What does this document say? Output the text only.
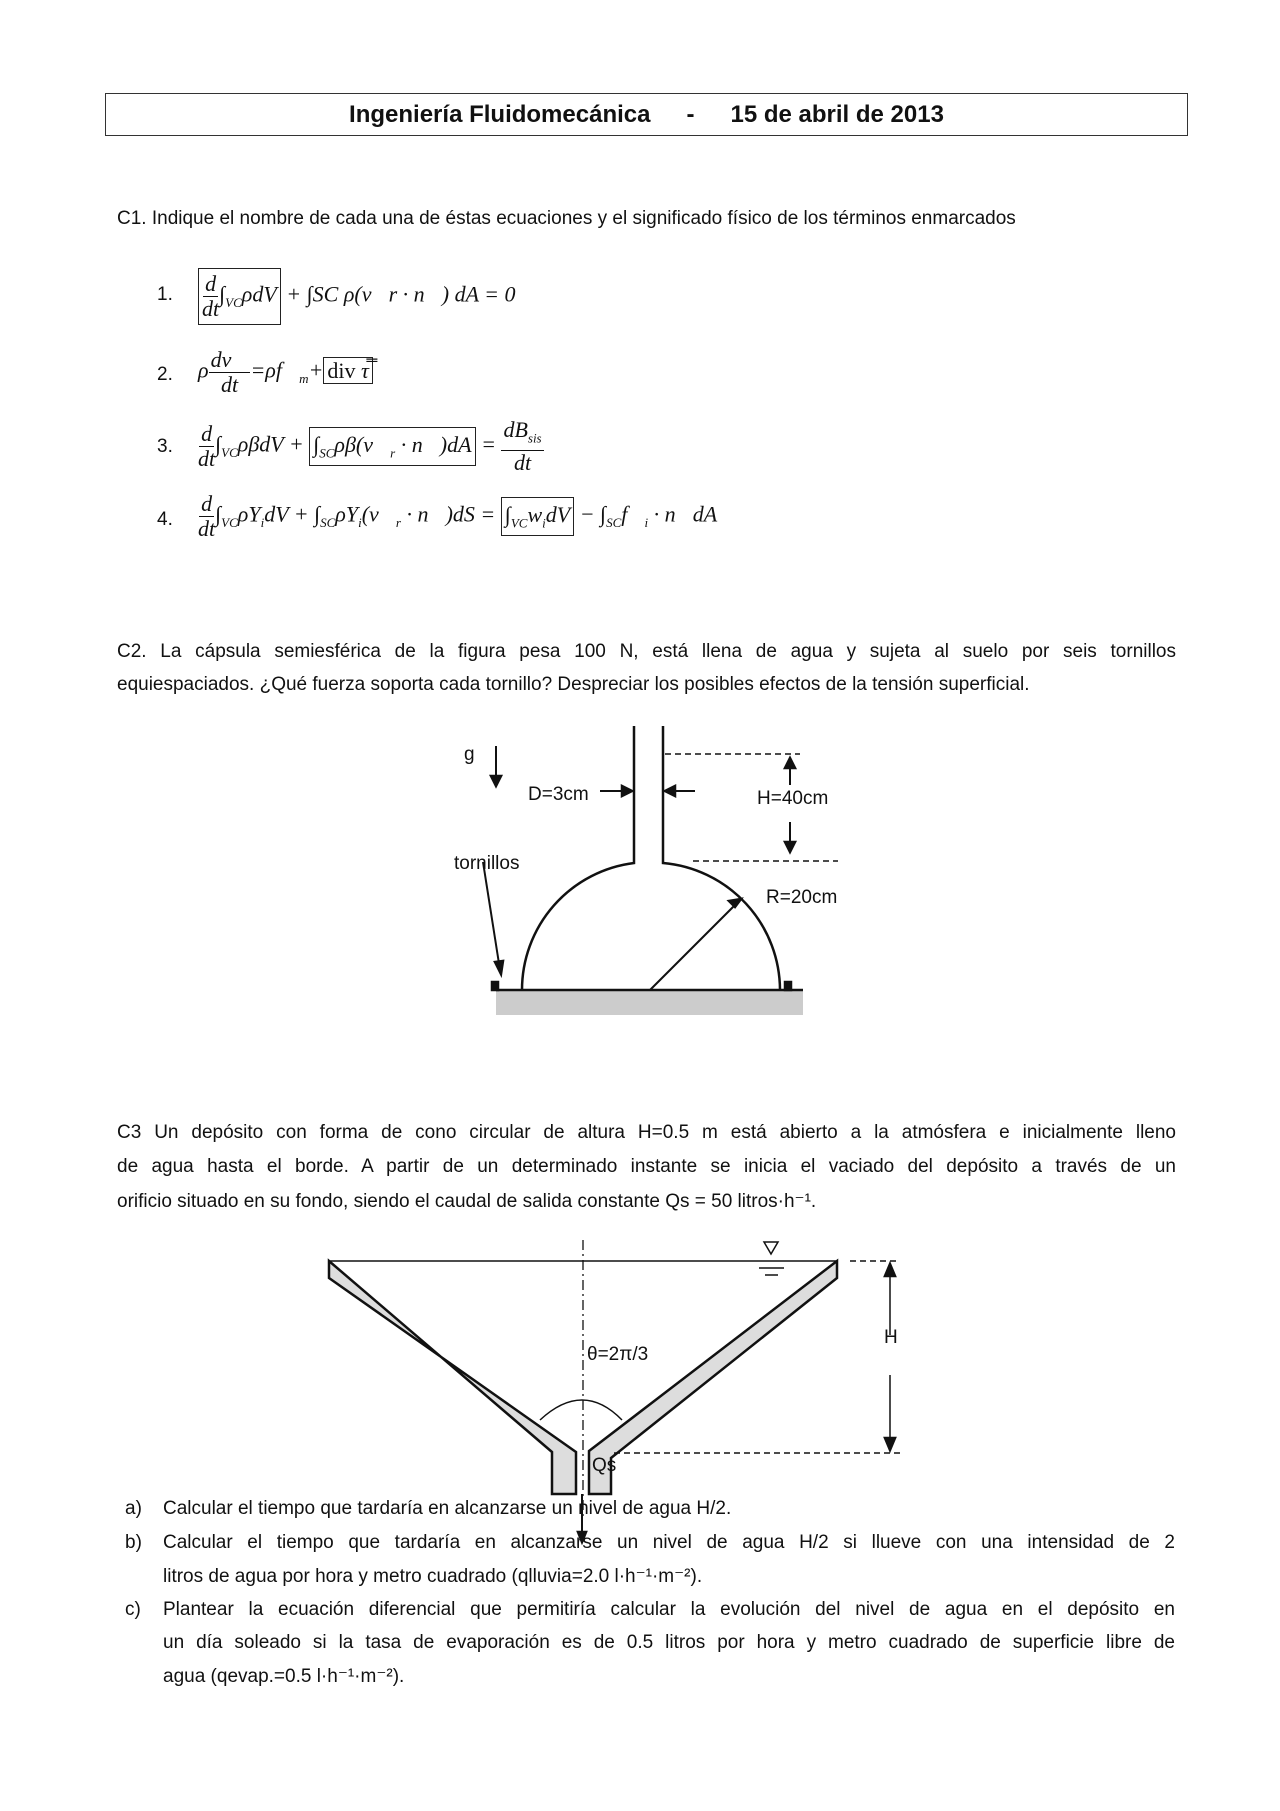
Ingeniería Fluidomecánica - 15 de abril de 2013
C1. Indique el nombre de cada una de éstas ecuaciones y el significado físico de los términos enmarcados
1. $\frac{d}{dt} \int_{VC}\rho dV + \int SC$ ρ(v⃗r · n⃗) dA = 0
2. ρ $\frac{dv⃗}{dt}$ $=\rho f⃗_m+$ div τ̿
3. $\frac{d}{dt} \int_{VC}\rho\beta dV$ + $\int_{SC}\rho\beta(v⃗_r$ · n⃗)dA = $\frac{dB_{sis}}{dt}$
4. $\frac{d}{dt} \int_{VC}\rho Y_idV$ + $\int_{SC}\rho Y_i(v⃗_r$ · n⃗)dS = $\int_{VC}w_idV$ − $\int_{SC}f⃗_i$ · n⃗dA
C2. La cápsula semiesférica de la figura pesa 100 N, está llena de agua y sujeta al suelo por seis tornillos
equiespaciados. ¿Qué fuerza soporta cada tornillo? Despreciar los posibles efectos de la tensión superficial.
g
D=3cm	H=40cm
tornillos
R=20cm
C3 Un depósito con forma de cono circular de altura H=0.5 m está abierto a la atmósfera e inicialmente lleno
de agua hasta el borde. A partir de un determinado instante se inicia el vaciado del depósito a través de un
orificio situado en su fondo, siendo el caudal de salida constante Qs = 50 litros·h⁻¹.
H
θ=2π/3
Qs
a) Calcular el tiempo que tardaría en alcanzarse un nivel de agua H/2.
b) Calcular el tiempo que tardaría en alcanzarse un nivel de agua H/2 si llueve con una intensidad de 2
litros de agua por hora y metro cuadrado (qlluvia=2.0 l·h⁻¹·m⁻²).
c) Plantear la ecuación diferencial que permitiría calcular la evolución del nivel de agua en el depósito en
un día soleado si la tasa de evaporación es de 0.5 litros por hora y metro cuadrado de superficie libre de
agua (qevap.=0.5 l·h⁻¹·m⁻²).
